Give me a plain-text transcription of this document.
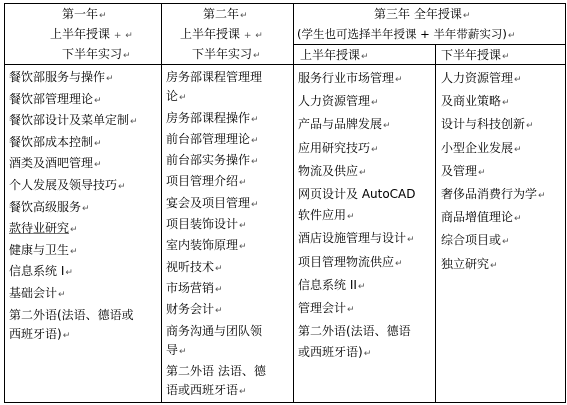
第一年↵
上半年授课 + ↵
下半年实习↵
第二年↵
上半年授课 + ↵
下半年实习↵
第三年 全年授课↵
(学生也可选择半年授课 + 半年带薪实习)↵
上半年授课↵	下半年授课↵
餐饮部服务与操作↵
餐饮部管理理论↵
餐饮部设计及菜单定制↵
餐饮部成本控制↵
酒类及酒吧管理↵
个人发展及领导技巧↵
餐饮高级服务↵
款待业研究↵
健康与卫生↵
信息系统 I↵
基础会计↵
第二外语(法语、德语或
西班牙语)↵
房务部课程管理理
论↵
房务部课程操作↵
前台部管理理论↵
前台部实务操作↵
项目管理介绍↵
宴会及项目管理↵
项目装饰设计↵
室内装饰原理↵
视听技术↵
市场营销↵
财务会计↵
商务沟通与团队领
导↵
第二外语 法语、德
语或西班牙语↵
服务行业市场管理↵
人力资源管理↵
产品与品牌发展↵
应用研究技巧↵
物流及供应↵
网页设计及 AutoCAD
软件应用↵
酒店设施管理与设计↵
项目管理物流供应↵
信息系统 II↵
管理会计↵
第二外语(法语、德语
或西班牙语)↵
人力资源管理↵
及商业策略↵
设计与科技创新↵
小型企业发展↵
及管理↵
奢侈品消费行为学↵
商品增值理论↵
综合项目或↵
独立研究↵
